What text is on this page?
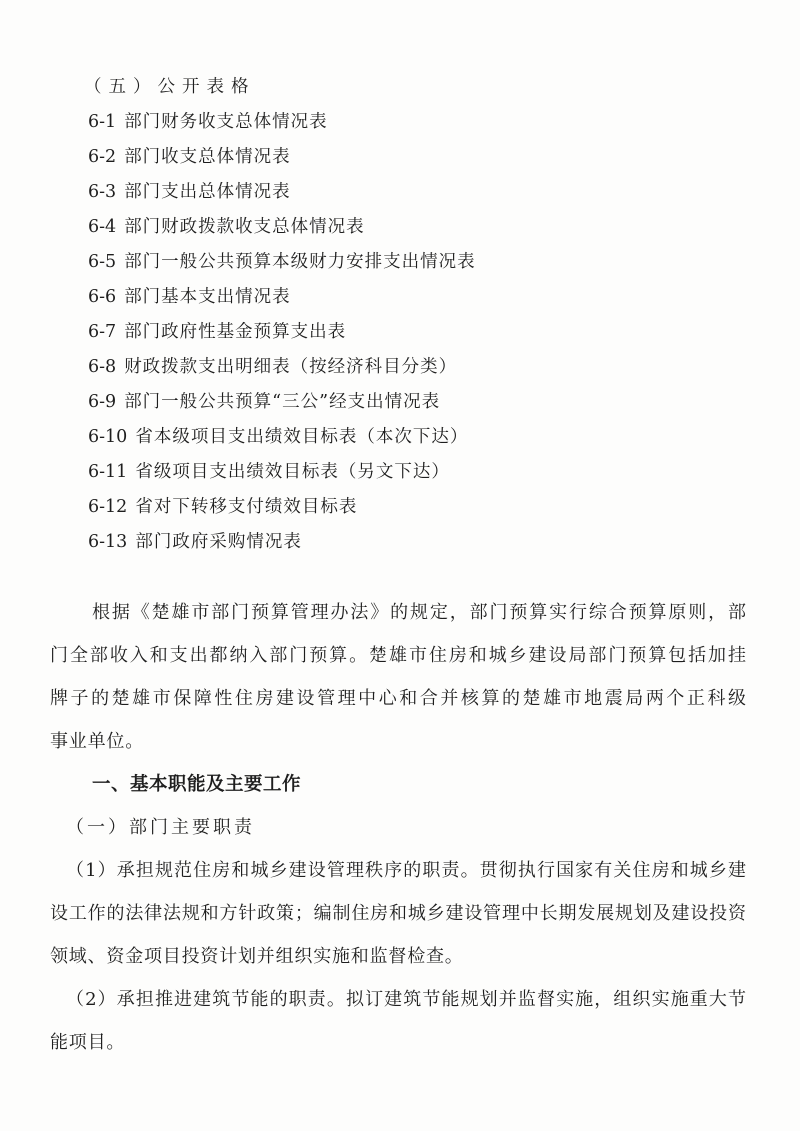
（五）公开表格
6-1 部门财务收支总体情况表
6-2 部门收支总体情况表
6-3 部门支出总体情况表
6-4 部门财政拨款收支总体情况表
6-5 部门一般公共预算本级财力安排支出情况表
6-6 部门基本支出情况表
6-7 部门政府性基金预算支出表
6-8 财政拨款支出明细表（按经济科目分类）
6-9 部门一般公共预算“三公”经支出情况表
6-10 省本级项目支出绩效目标表（本次下达）
6-11 省级项目支出绩效目标表（另文下达）
6-12 省对下转移支付绩效目标表
6-13 部门政府采购情况表
根据《楚雄市部门预算管理办法》的规定，部门预算实行综合预算原则，部
门全部收入和支出都纳入部门预算。楚雄市住房和城乡建设局部门预算包括加挂
牌子的楚雄市保障性住房建设管理中心和合并核算的楚雄市地震局两个正科级
事业单位。
一、基本职能及主要工作
（一）部门主要职责
（1）承担规范住房和城乡建设管理秩序的职责。贯彻执行国家有关住房和城乡建
设工作的法律法规和方针政策；编制住房和城乡建设管理中长期发展规划及建设投资
领域、资金项目投资计划并组织实施和监督检查。
（2）承担推进建筑节能的职责。拟订建筑节能规划并监督实施，组织实施重大节
能项目。
